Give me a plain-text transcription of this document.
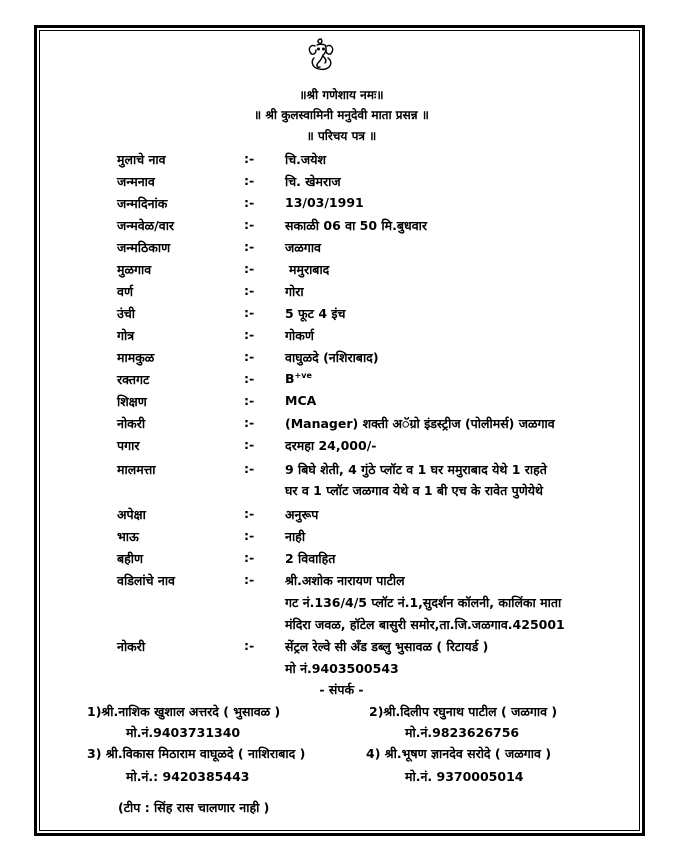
॥श्री गणेशाय नमः॥
॥ श्री कुलस्वामिनी मनुदेवी माता प्रसन्न ॥
॥ परिचय पत्र ॥
मुलाचे नाव	:- चि.जयेश
जन्मनाव	:- चि. खेमराज
जन्मदिनांक	:- 13/03/1991
जन्मवेळ/वार	:- सकाळी 06 वा 50 मि.बुधवार
जन्मठिकाण	:- जळगाव
मुळगाव	:-	ममुराबाद
वर्ण	:- गोरा
उंची	:- 5 फूट 4 इंच
गोत्र	:- गोकर्ण
मामकुळ	:- वाघुळदे (नशिराबाद)
रक्तगट	:- $B^{+ve}$
शिक्षण	:- MCA
नोकरी	:- (Manager) शक्ती अॅग्रो इंडस्ट्रीज (पोलीमर्स) जळगाव
पगार	:- दरमहा 24,000/-
मालमत्ता	:- 9 बिघे शेती, 4 गुंठे प्लॉट व 1 घर ममुराबाद येथे 1 राहते
घर व 1 प्लॉट जळगाव येथे व 1 बी एच के रावेत पुणेयेथे
अपेक्षा	:- अनुरूप
भाऊ	:- नाही
बहीण	:- 2 विवाहित
वडिलांचे नाव	:- श्री.अशोक नारायण पाटील
गट नं.136/4/5 प्लॉट नं.1,सुदर्शन कॉलनी, कालिंका माता
मंदिरा जवळ, हॉटेल बासुरी समोर,ता.जि.जळगाव.425001
नोकरी	:- सेंट्रल रेल्वे सी अँड डब्लु भुसावळ ( रिटायर्ड )
मो नं.9403500543
- संपर्क -
1)श्री.नाशिक खुशाल अत्तरदे ( भुसावळ )
मो.नं.9403731340
2)श्री.दिलीप रघुनाथ पाटील ( जळगाव )
मो.नं.9823626756
3) श्री.विकास मिठाराम वाघूळदे ( नाशिराबाद )
मो.नं.: 9420385443
4) श्री.भूषण ज्ञानदेव सरोदे ( जळगाव )
मो.नं. 9370005014
(टीप : सिंह रास चालणार नाही )
